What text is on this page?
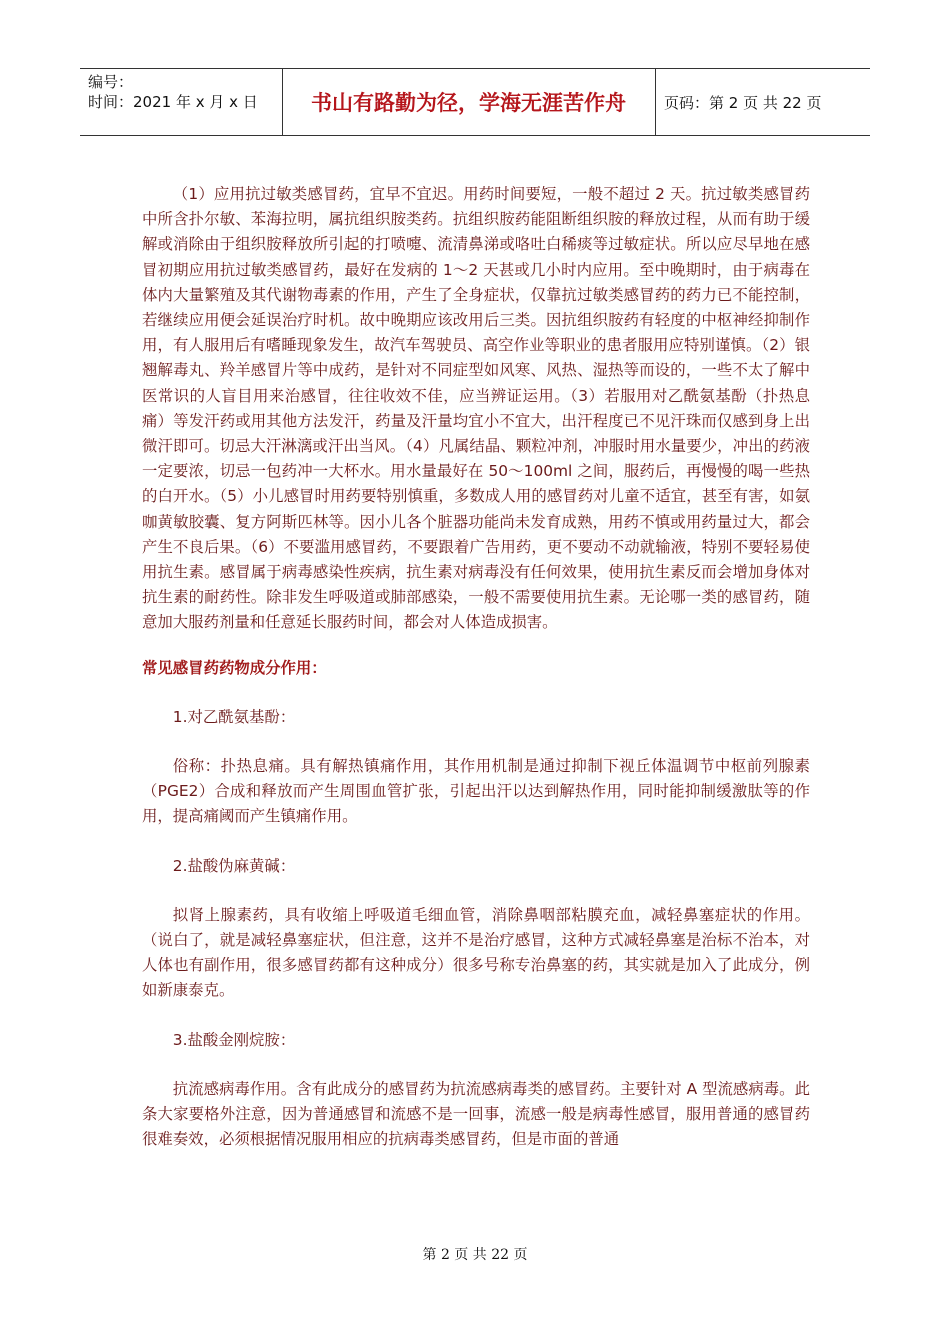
编号：
时间：2021 年 x 月 x 日	书山有路勤为径，学海无涯苦作舟	页码：第 2 页 共 22 页

（1）应用抗过敏类感冒药，宜早不宜迟。用药时间要短，一般不超过 2 天。抗过敏类感冒药中所含扑尔敏、苯海拉明，属抗组织胺类药。抗组织胺药能阻断组织胺的释放过程，从而有助于缓解或消除由于组织胺释放所引起的打喷嚏、流清鼻涕或咯吐白稀痰等过敏症状。所以应尽早地在感冒初期应用抗过敏类感冒药，最好在发病的 1～2 天甚或几小时内应用。至中晚期时，由于病毒在体内大量繁殖及其代谢物毒素的作用，产生了全身症状，仅靠抗过敏类感冒药的药力已不能控制，若继续应用便会延误治疗时机。故中晚期应该改用后三类。因抗组织胺药有轻度的中枢神经抑制作用，有人服用后有嗜睡现象发生，故汽车驾驶员、高空作业等职业的患者服用应特别谨慎。（2）银翘解毒丸、羚羊感冒片等中成药，是针对不同症型如风寒、风热、湿热等而设的，一些不太了解中医常识的人盲目用来治感冒，往往收效不佳，应当辨证运用。（3）若服用对乙酰氨基酚（扑热息痛）等发汗药或用其他方法发汗，药量及汗量均宜小不宜大，出汗程度已不见汗珠而仅感到身上出微汗即可。切忌大汗淋漓或汗出当风。（4）凡属结晶、颗粒冲剂，冲服时用水量要少，冲出的药液一定要浓，切忌一包药冲一大杯水。用水量最好在 50～100ml 之间，服药后，再慢慢的喝一些热的白开水。（5）小儿感冒时用药要特别慎重，多数成人用的感冒药对儿童不适宜，甚至有害，如氨咖黄敏胶囊、复方阿斯匹林等。因小儿各个脏器功能尚未发育成熟，用药不慎或用药量过大，都会产生不良后果。（6）不要滥用感冒药，不要跟着广告用药，更不要动不动就输液，特别不要轻易使用抗生素。感冒属于病毒感染性疾病，抗生素对病毒没有任何效果，使用抗生素反而会增加身体对抗生素的耐药性。除非发生呼吸道或肺部感染，一般不需要使用抗生素。无论哪一类的感冒药，随意加大服药剂量和任意延长服药时间，都会对人体造成损害。

常见感冒药药物成分作用：

1.对乙酰氨基酚：

俗称：扑热息痛。具有解热镇痛作用，其作用机制是通过抑制下视丘体温调节中枢前列腺素（PGE2）合成和释放而产生周围血管扩张，引起出汗以达到解热作用，同时能抑制缓激肽等的作用，提高痛阈而产生镇痛作用。

2.盐酸伪麻黄碱：

拟肾上腺素药，具有收缩上呼吸道毛细血管，消除鼻咽部粘膜充血，减轻鼻塞症状的作用。（说白了，就是减轻鼻塞症状，但注意，这并不是治疗感冒，这种方式减轻鼻塞是治标不治本，对人体也有副作用，很多感冒药都有这种成分）很多号称专治鼻塞的药，其实就是加入了此成分，例如新康泰克。

3.盐酸金刚烷胺：

抗流感病毒作用。含有此成分的感冒药为抗流感病毒类的感冒药。主要针对 A 型流感病毒。此条大家要格外注意，因为普通感冒和流感不是一回事，流感一般是病毒性感冒，服用普通的感冒药很难奏效，必须根据情况服用相应的抗病毒类感冒药，但是市面的普通

第 2 页 共 22 页
